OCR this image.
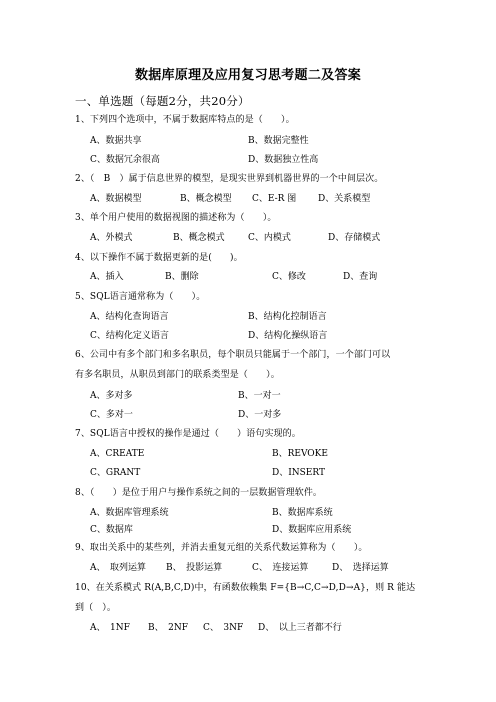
数据库原理及应用复习思考题二及答案
一、单选题（每题2分，共20分）
1、下列四个选项中，不属于数据库特点的是（　　）。
A、数据共享	B、数据完整性
C、数据冗余很高	D、数据独立性高
2、（　B　）属于信息世界的模型，是现实世界到机器世界的一个中间层次。
A、数据模型	B、概念模型 C、E-R 图 D、关系模型
3、单个用户使用的数据视图的描述称为（　　）。
A、外模式	B、概念模式	C、内模式	D、存储模式
4、以下操作不属于数据更新的是(　　)。
A、插入	B、删除	C、修改	D、查询
5、SQL语言通常称为（　　）。
A、结构化查询语言	B、结构化控制语言
C、结构化定义语言	D、结构化操纵语言
6、公司中有多个部门和多名职员，每个职员只能属于一个部门，一个部门可以
有多名职员，从职员到部门的联系类型是（　　）。
A、多对多	B、一对一
C、多对一	D、一对多
7、SQL语言中授权的操作是通过（　　）语句实现的。
A、CREATE	B、REVOKE
C、GRANT	D、INSERT
8、（　　）是位于用户与操作系统之间的一层数据管理软件。
A、数据库管理系统	B、数据库系统
C、数据库	D、数据库应用系统
9、取出关系中的某些列，并消去重复元组的关系代数运算称为（　　）。
A、　取列运算 B、　投影运算	C、　连接运算	D、　选择运算
10、在关系模式 R(A,B,C,D)中，有函数依赖集 F={B→C,C→D,D→A}，则 R 能达
到（　）。
A、　1NF B、　2NF C、　3NF D、　以上三者都不行
